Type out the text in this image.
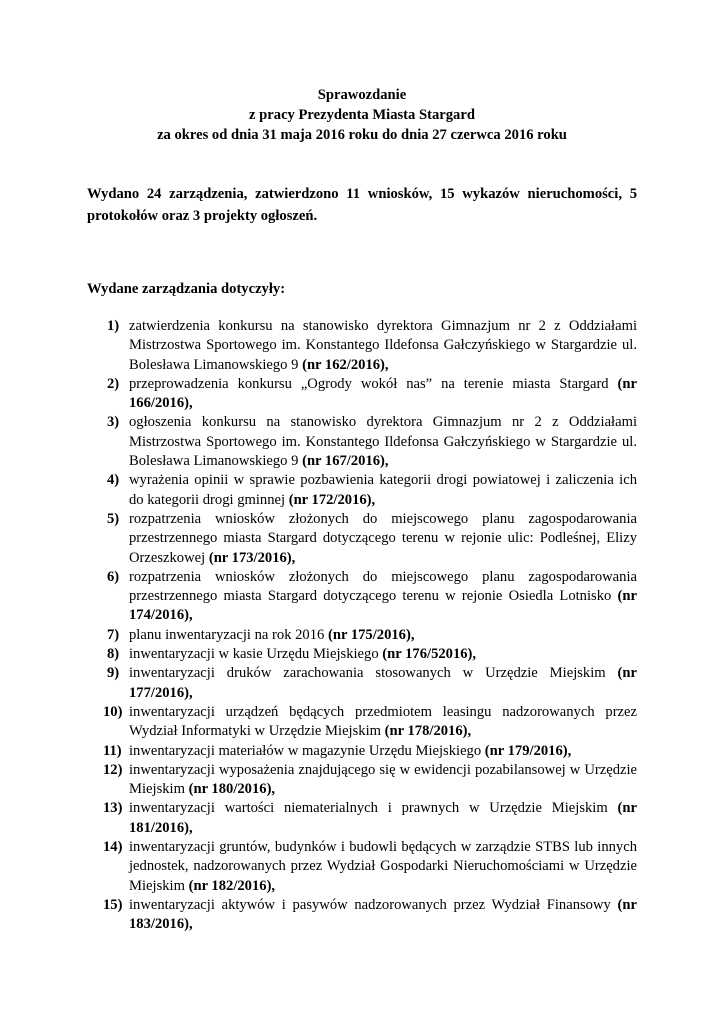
Sprawozdanie
z pracy Prezydenta Miasta Stargard
za okres od dnia 31 maja 2016 roku do dnia 27 czerwca 2016 roku

Wydano 24 zarządzenia, zatwierdzono 11 wniosków, 15 wykazów nieruchomości, 5 protokołów oraz 3 projekty ogłoszeń.

Wydane zarządzania dotyczyły:

1) zatwierdzenia konkursu na stanowisko dyrektora Gimnazjum nr 2 z Oddziałami Mistrzostwa Sportowego im. Konstantego Ildefonsa Gałczyńskiego w Stargardzie ul. Bolesława Limanowskiego 9 (nr 162/2016),
2) przeprowadzenia konkursu „Ogrody wokół nas” na terenie miasta Stargard (nr 166/2016),
3) ogłoszenia konkursu na stanowisko dyrektora Gimnazjum nr 2 z Oddziałami Mistrzostwa Sportowego im. Konstantego Ildefonsa Gałczyńskiego w Stargardzie ul. Bolesława Limanowskiego 9 (nr 167/2016),
4) wyrażenia opinii w sprawie pozbawienia kategorii drogi powiatowej i zaliczenia ich do kategorii drogi gminnej (nr 172/2016),
5) rozpatrzenia wniosków złożonych do miejscowego planu zagospodarowania przestrzennego miasta Stargard dotyczącego terenu w rejonie ulic: Podleśnej, Elizy Orzeszkowej (nr 173/2016),
6) rozpatrzenia wniosków złożonych do miejscowego planu zagospodarowania przestrzennego miasta Stargard dotyczącego terenu w rejonie Osiedla Lotnisko (nr 174/2016),
7) planu inwentaryzacji na rok 2016 (nr 175/2016),
8) inwentaryzacji w kasie Urzędu Miejskiego (nr 176/52016),
9) inwentaryzacji druków zarachowania stosowanych w Urzędzie Miejskim (nr 177/2016),
10) inwentaryzacji urządzeń będących przedmiotem leasingu nadzorowanych przez Wydział Informatyki w Urzędzie Miejskim (nr 178/2016),
11) inwentaryzacji materiałów w magazynie Urzędu Miejskiego (nr 179/2016),
12) inwentaryzacji wyposażenia znajdującego się w ewidencji pozabilansowej w Urzędzie Miejskim (nr 180/2016),
13) inwentaryzacji wartości niematerialnych i prawnych w Urzędzie Miejskim (nr 181/2016),
14) inwentaryzacji gruntów, budynków i budowli będących w zarządzie STBS lub innych jednostek, nadzorowanych przez Wydział Gospodarki Nieruchomościami w Urzędzie Miejskim (nr 182/2016),
15) inwentaryzacji aktywów i pasywów nadzorowanych przez Wydział Finansowy (nr 183/2016),
